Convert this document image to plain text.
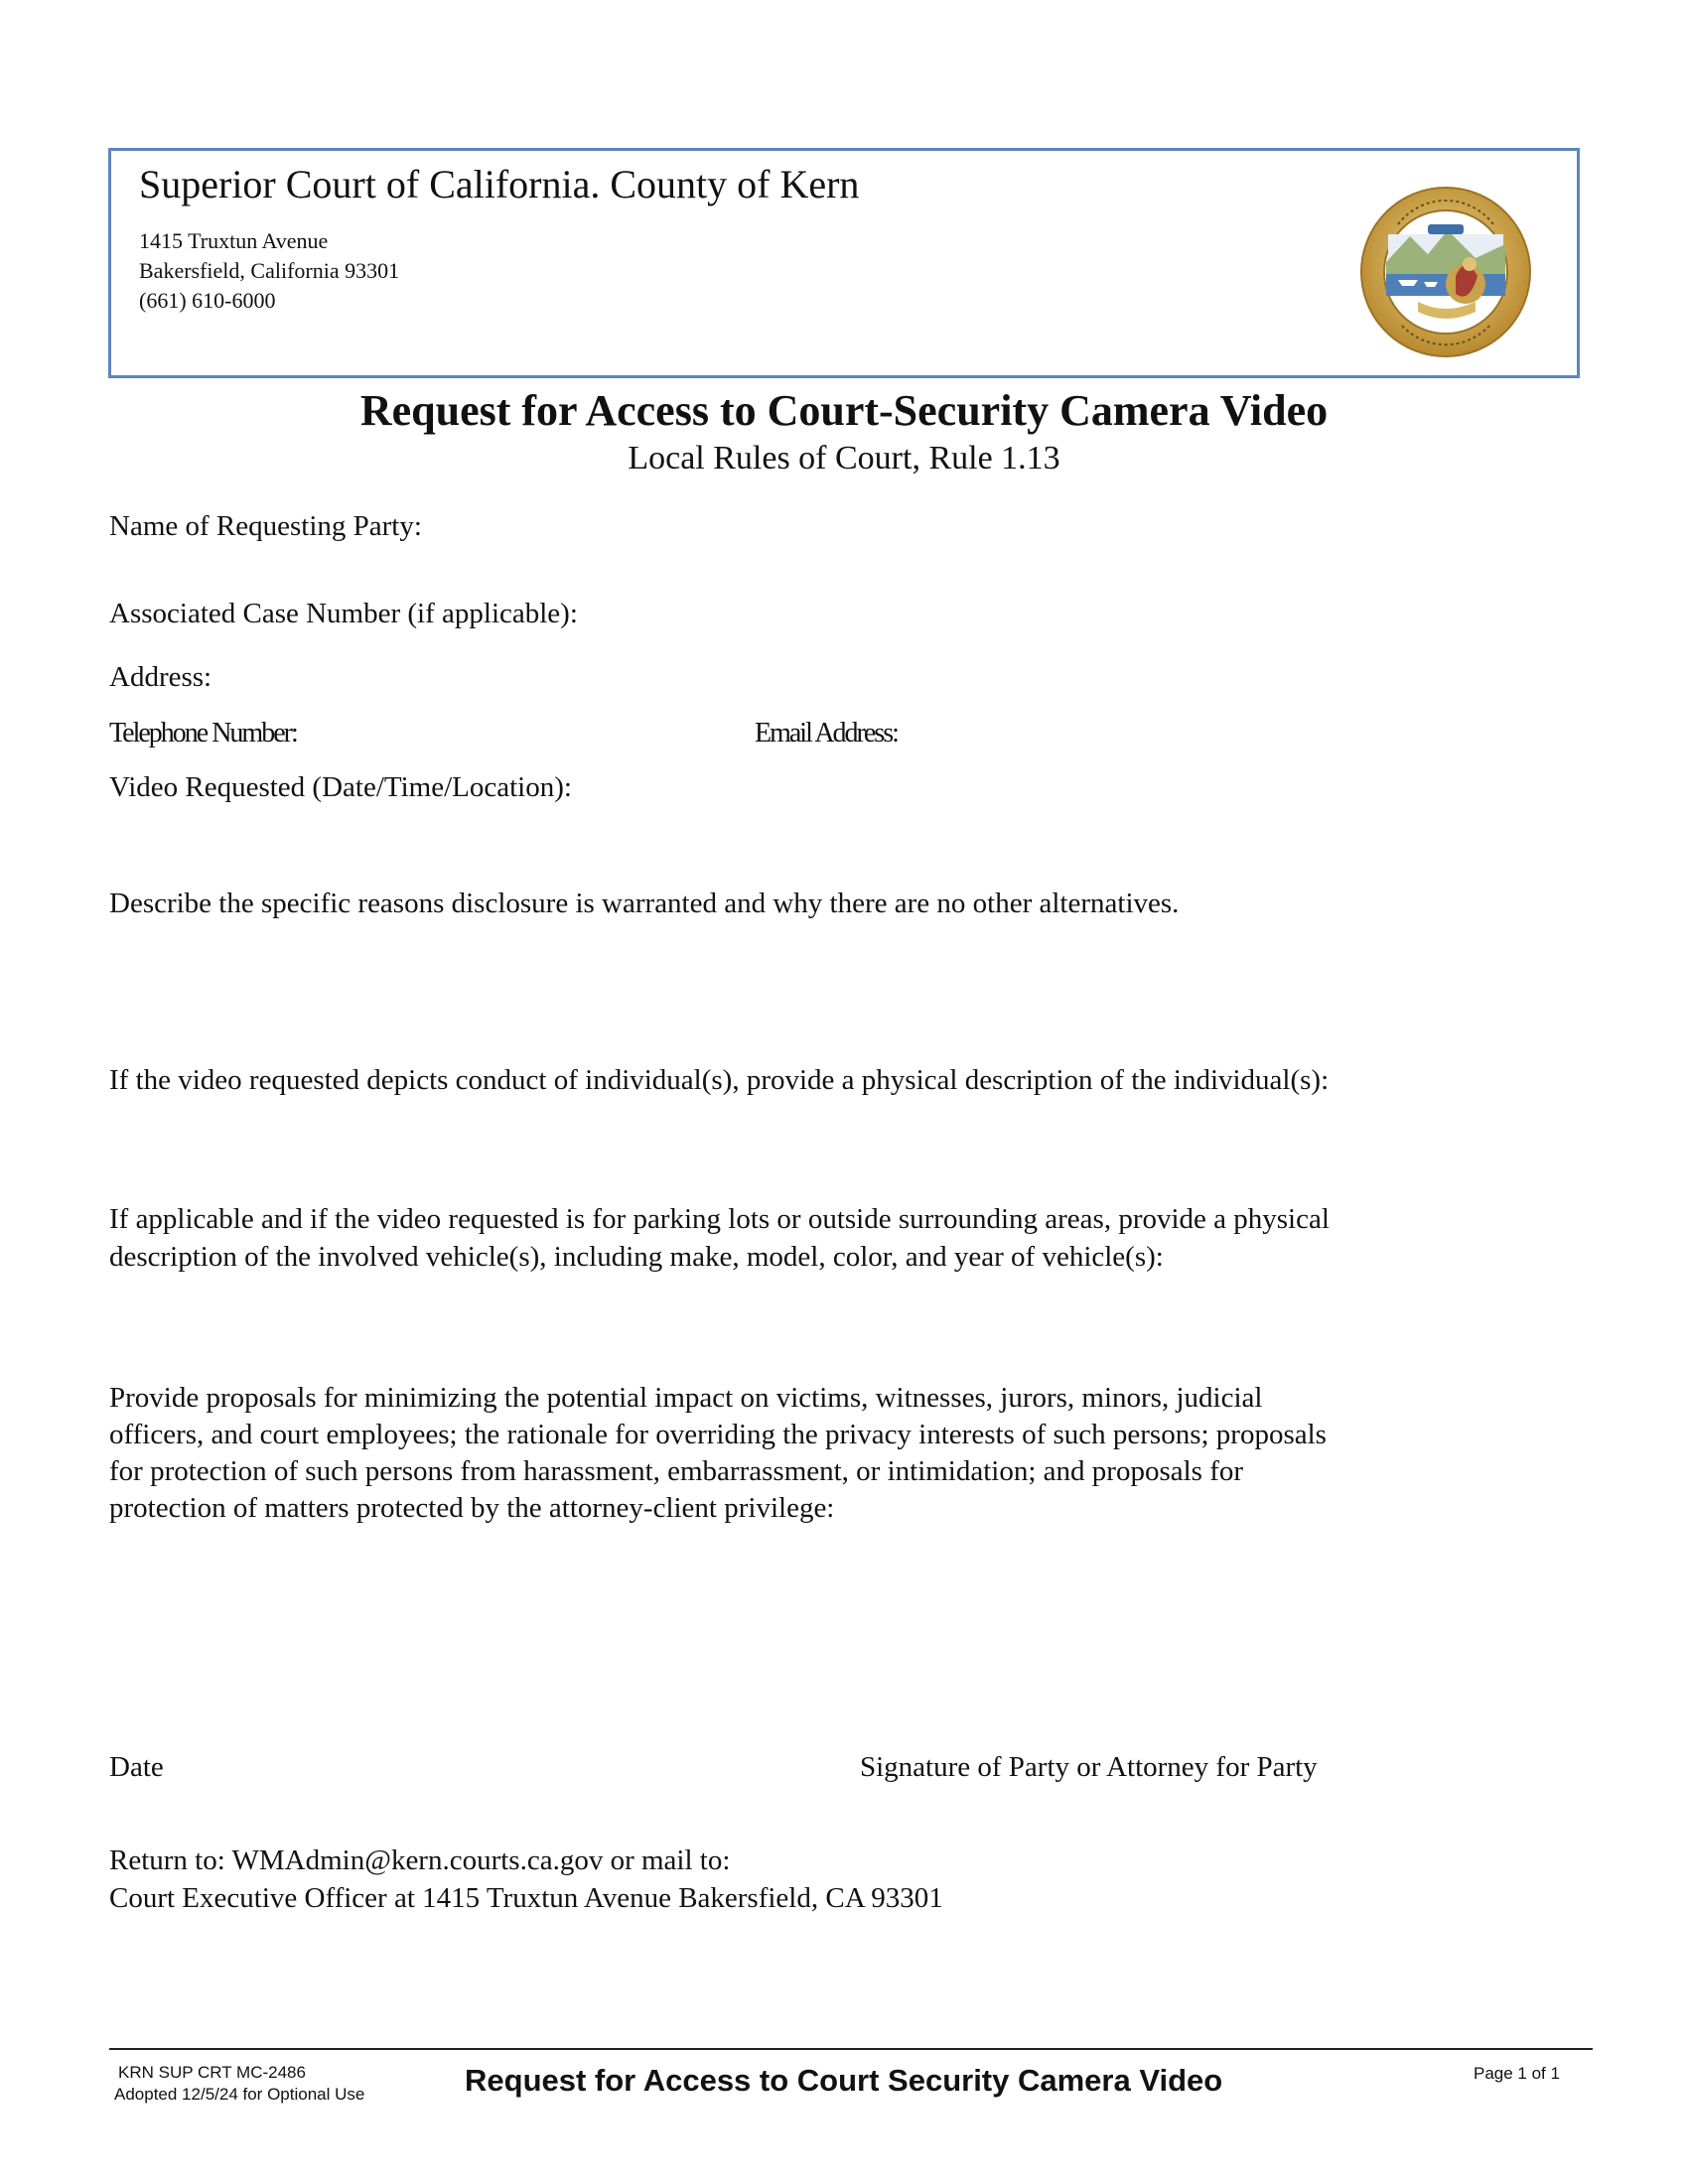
Superior Court of California. County of Kern
1415 Truxtun Avenue
Bakersfield, California 93301
(661) 610-6000
Request for Access to Court-Security Camera Video
Local Rules of Court, Rule 1.13
Name of Requesting Party:
Associated Case Number (if applicable):
Address:
Telephone Number:	Email Address:
Video Requested (Date/Time/Location):
Describe the specific reasons disclosure is warranted and why there are no other alternatives.
If the video requested depicts conduct of individual(s), provide a physical description of the individual(s):
If applicable and if the video requested is for parking lots or outside surrounding areas, provide a physical
description of the involved vehicle(s), including make, model, color, and year of vehicle(s):
Provide proposals for minimizing the potential impact on victims, witnesses, jurors, minors, judicial
officers, and court employees; the rationale for overriding the privacy interests of such persons; proposals
for protection of such persons from harassment, embarrassment, or intimidation; and proposals for
protection of matters protected by the attorney-client privilege:
Date	Signature of Party or Attorney for Party
Return to: WMAdmin@kern.courts.ca.gov or mail to:
Court Executive Officer at 1415 Truxtun Avenue Bakersfield, CA 93301
KRN SUP CRT MC-2486
Adopted 12/5/24 for Optional Use	Request for Access to Court Security Camera Video	Page 1 of 1
